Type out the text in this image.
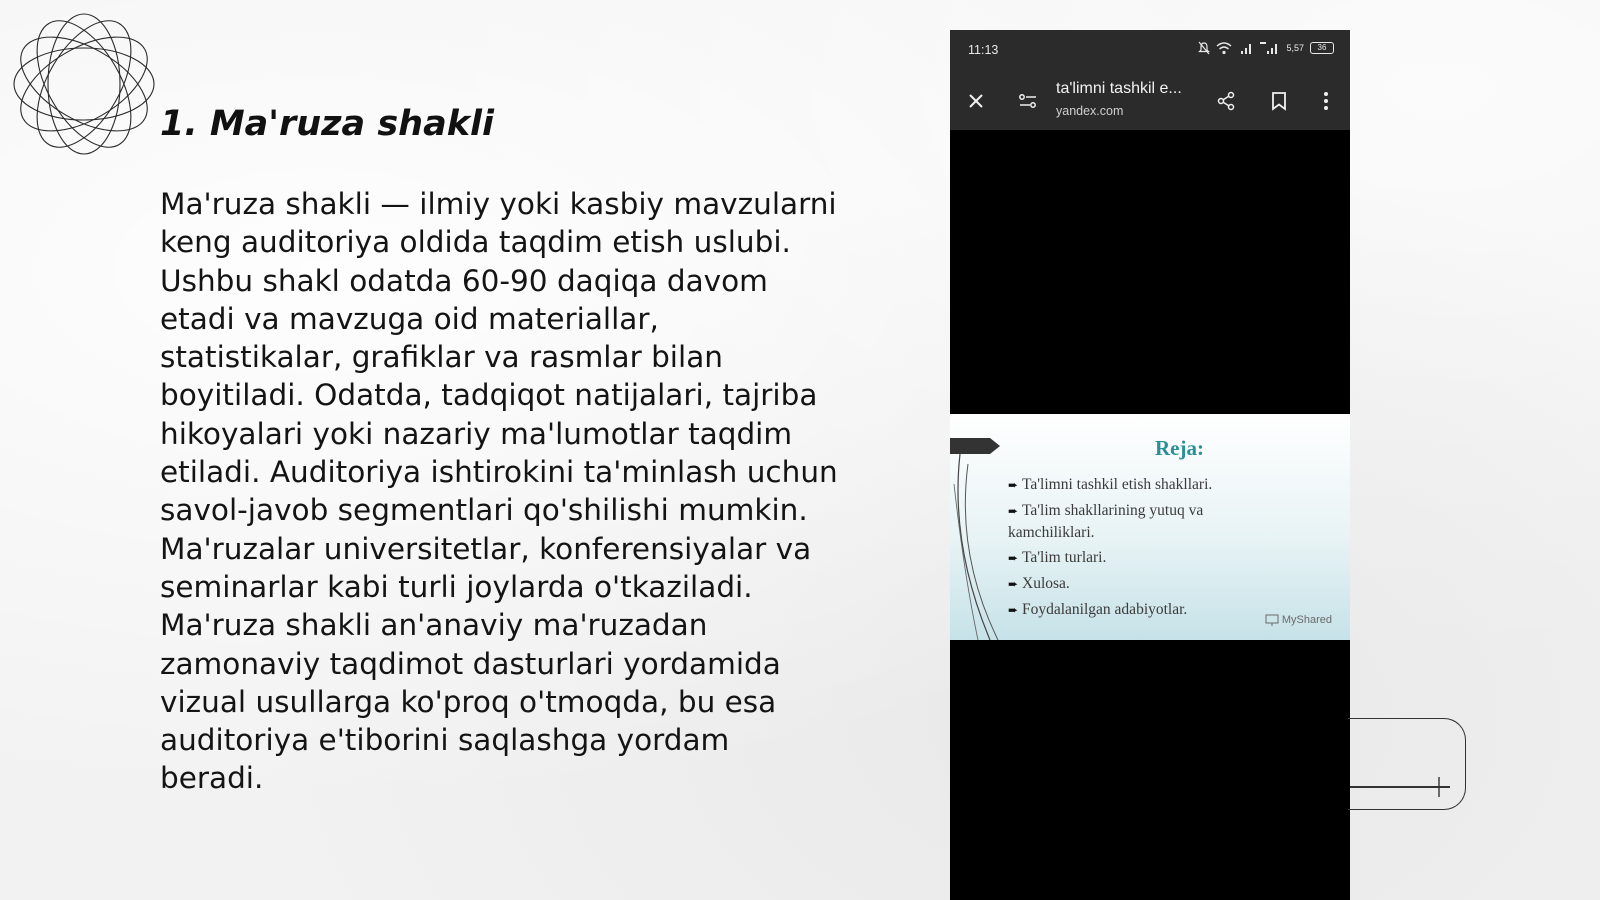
1. Ma'ruza shakli

Ma'ruza shakli — ilmiy yoki kasbiy mavzularni keng auditoriya oldida taqdim etish uslubi. Ushbu shakl odatda 60-90 daqiqa davom etadi va mavzuga oid materiallar, statistikalar, grafiklar va rasmlar bilan boyitiladi. Odatda, tadqiqot natijalari, tajriba hikoyalari yoki nazariy ma'lumotlar taqdim etiladi. Auditoriya ishtirokini ta'minlash uchun savol-javob segmentlari qo'shilishi mumkin. Ma'ruzalar universitetlar, konferensiyalar va seminarlar kabi turli joylarda o'tkaziladi. Ma'ruza shakli an'anaviy ma'ruzadan zamonaviy taqdimot dasturlari yordamida vizual usullarga ko'proq o'tmoqda, bu esa auditoriya e'tiborini saqlashga yordam beradi.

11:13	5,57	36
ta'limni tashkil e...
yandex.com
Reja:
➨ Ta'limni tashkil etish shakllari.
➨ Ta'lim shakllarining yutuq va kamchiliklari.
➨ Ta'lim turlari.
➨ Xulosa.
➨ Foydalanilgan adabiyotlar.
MyShared
